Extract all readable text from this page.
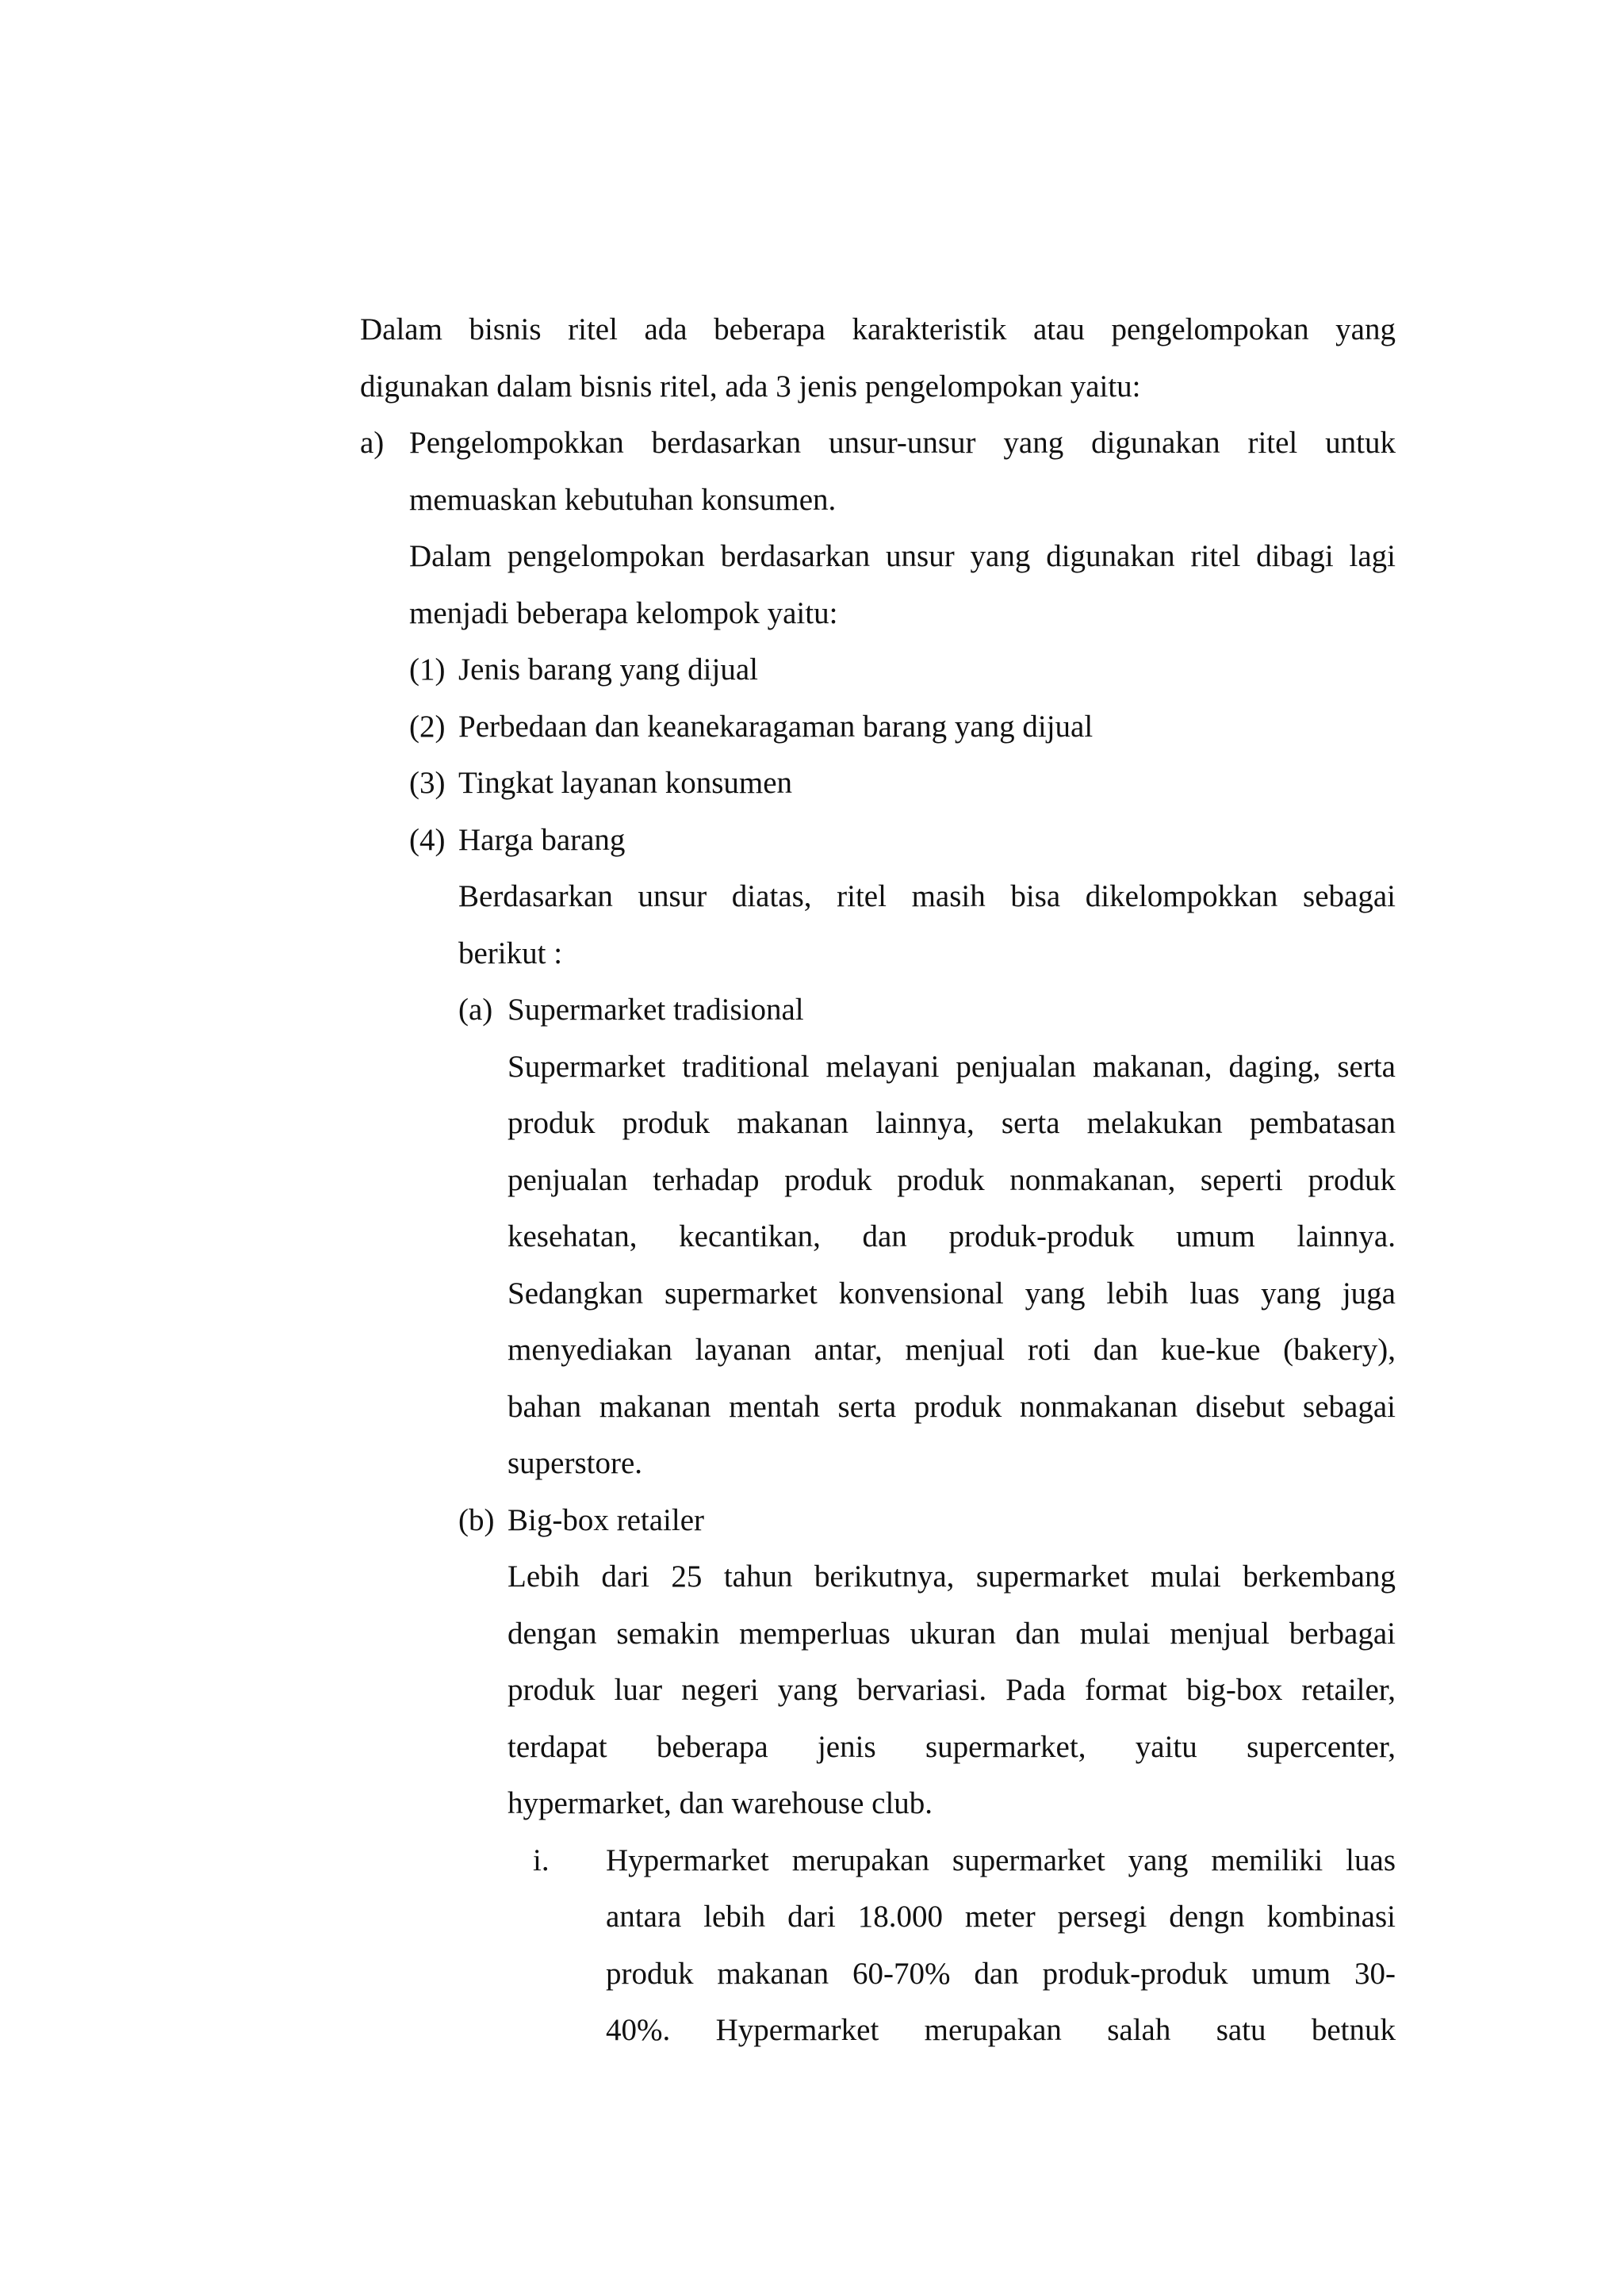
Dalam bisnis ritel ada beberapa karakteristik atau pengelompokan yang
digunakan dalam bisnis ritel, ada 3 jenis pengelompokan yaitu:
a) Pengelompokkan berdasarkan unsur-unsur yang digunakan ritel untuk
memuaskan kebutuhan konsumen.
Dalam pengelompokan berdasarkan unsur yang digunakan ritel dibagi lagi
menjadi beberapa kelompok yaitu:
(1) Jenis barang yang dijual
(2) Perbedaan dan keanekaragaman barang yang dijual
(3) Tingkat layanan konsumen
(4) Harga barang
Berdasarkan unsur diatas, ritel masih bisa dikelompokkan sebagai
berikut :
(a) Supermarket tradisional
Supermarket traditional melayani penjualan makanan, daging, serta
produk produk makanan lainnya, serta melakukan pembatasan
penjualan terhadap produk produk nonmakanan, seperti produk
kesehatan, kecantikan, dan produk-produk umum lainnya.
Sedangkan supermarket konvensional yang lebih luas yang juga
menyediakan layanan antar, menjual roti dan kue-kue (bakery),
bahan makanan mentah serta produk nonmakanan disebut sebagai
superstore.
(b) Big-box retailer
Lebih dari 25 tahun berikutnya, supermarket mulai berkembang
dengan semakin memperluas ukuran dan mulai menjual berbagai
produk luar negeri yang bervariasi. Pada format big-box retailer,
terdapat beberapa jenis supermarket, yaitu supercenter,
hypermarket, dan warehouse club.
i.	Hypermarket merupakan supermarket yang memiliki luas
antara lebih dari 18.000 meter persegi dengn kombinasi
produk makanan 60-70% dan produk-produk umum 30-
40%. Hypermarket merupakan salah satu betnuk
